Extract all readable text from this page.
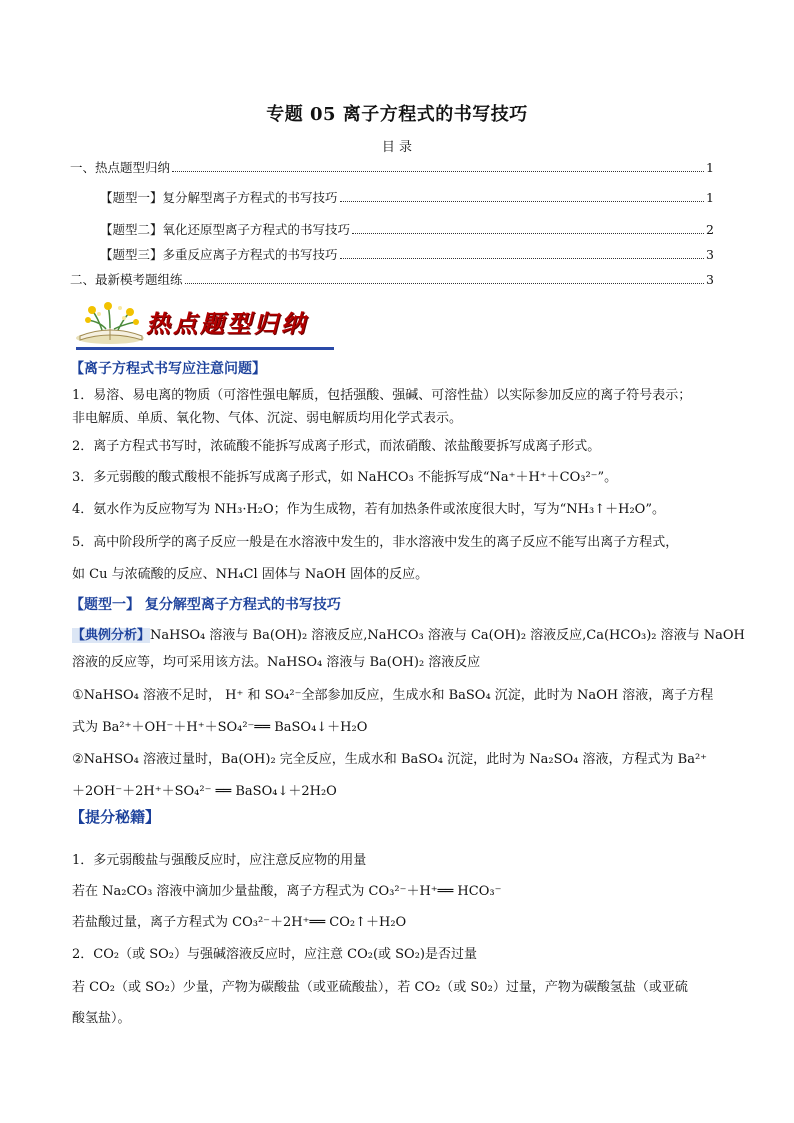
专题 05 离子方程式的书写技巧
目 录
一、热点题型归纳	1
【题型一】复分解型离子方程式的书写技巧	1
【题型二】氧化还原型离子方程式的书写技巧	2
【题型三】多重反应离子方程式的书写技巧	3
二、最新模考题组练	3
热点题型归纳
【离子方程式书写应注意问题】
1．易溶、易电离的物质（可溶性强电解质，包括强酸、强碱、可溶性盐）以实际参加反应的离子符号表示；
非电解质、单质、氧化物、气体、沉淀、弱电解质均用化学式表示。
2．离子方程式书写时，浓硫酸不能拆写成离子形式，而浓硝酸、浓盐酸要拆写成离子形式。
3．多元弱酸的酸式酸根不能拆写成离子形式，如 NaHCO₃ 不能拆写成“Na⁺＋H⁺＋CO₃²⁻”。
4．氨水作为反应物写为 NH₃·H₂O；作为生成物，若有加热条件或浓度很大时，写为“NH₃↑＋H₂O”。
5．高中阶段所学的离子反应一般是在水溶液中发生的，非水溶液中发生的离子反应不能写出离子方程式，
如 Cu 与浓硫酸的反应、NH₄Cl 固体与 NaOH 固体的反应。
【题型一】 复分解型离子方程式的书写技巧
【典例分析】NaHSO₄ 溶液与 Ba(OH)₂ 溶液反应,NaHCO₃ 溶液与 Ca(OH)₂ 溶液反应,Ca(HCO₃)₂ 溶液与 NaOH
溶液的反应等，均可采用该方法。NaHSO₄ 溶液与 Ba(OH)₂ 溶液反应
①NaHSO₄ 溶液不足时， H⁺ 和 SO₄²⁻全部参加反应，生成水和 BaSO₄ 沉淀，此时为 NaOH 溶液，离子方程
式为 Ba²⁺＋OH⁻＋H⁺＋SO₄²⁻══ BaSO₄↓＋H₂O
②NaHSO₄ 溶液过量时，Ba(OH)₂ 完全反应，生成水和 BaSO₄ 沉淀，此时为 Na₂SO₄ 溶液，方程式为 Ba²⁺
＋2OH⁻＋2H⁺＋SO₄²⁻ ══ BaSO₄↓＋2H₂O
【提分秘籍】
1．多元弱酸盐与强酸反应时，应注意反应物的用量
若在 Na₂CO₃ 溶液中滴加少量盐酸，离子方程式为 CO₃²⁻＋H⁺══ HCO₃⁻
若盐酸过量，离子方程式为 CO₃²⁻＋2H⁺══ CO₂↑＋H₂O
2．CO₂（或 SO₂）与强碱溶液反应时，应注意 CO₂(或 SO₂)是否过量
若 CO₂（或 SO₂）少量，产物为碳酸盐（或亚硫酸盐），若 CO₂（或 S0₂）过量，产物为碳酸氢盐（或亚硫
酸氢盐）。
